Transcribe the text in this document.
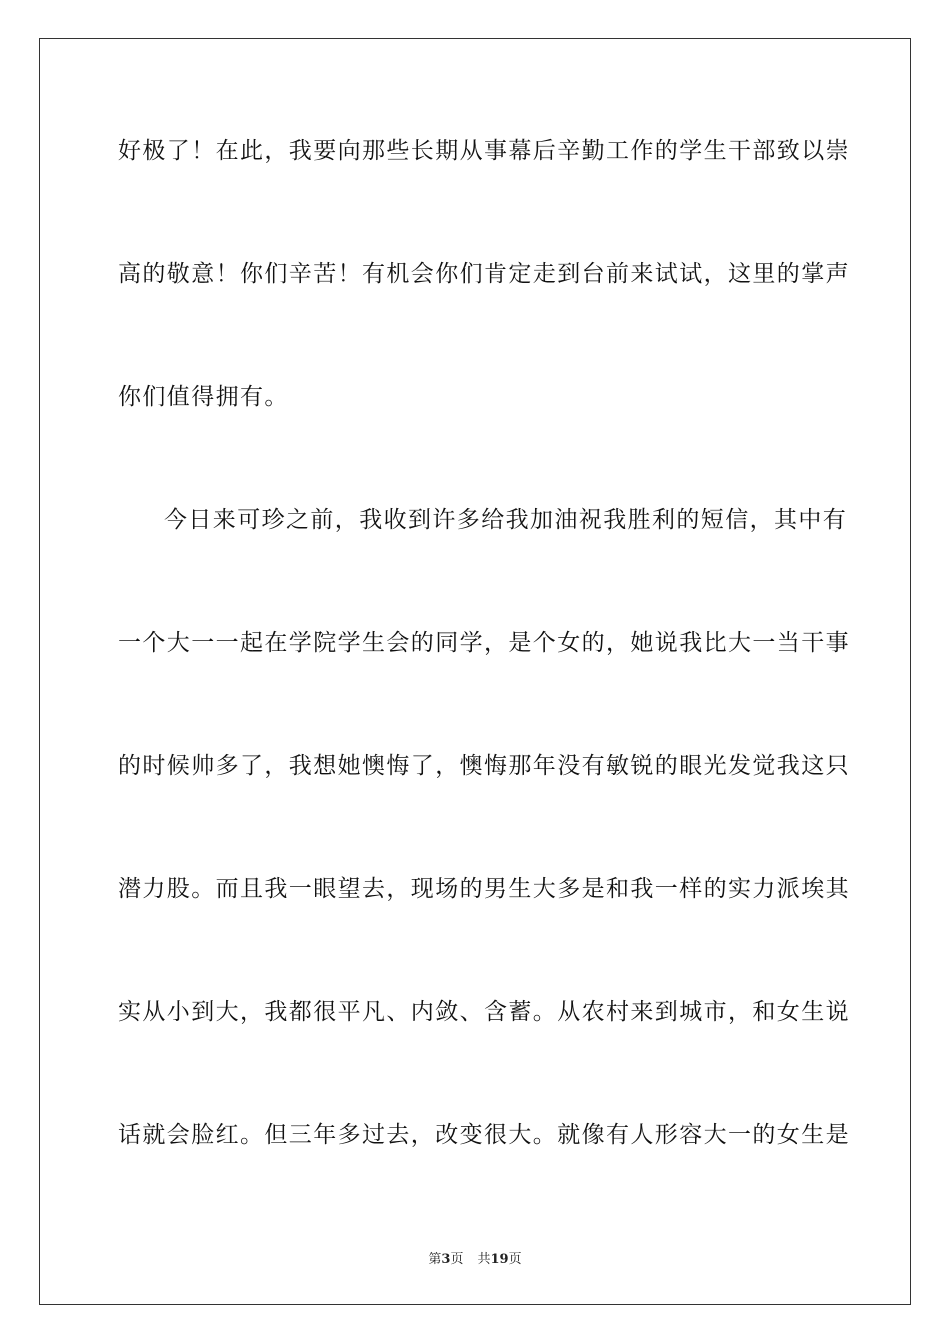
好极了！在此，我要向那些长期从事幕后辛勤工作的学生干部致以崇
高的敬意！你们辛苦！有机会你们肯定走到台前来试试，这里的掌声
你们值得拥有。
今日来可珍之前，我收到许多给我加油祝我胜利的短信，其中有
一个大一一起在学院学生会的同学，是个女的，她说我比大一当干事
的时候帅多了，我想她懊悔了，懊悔那年没有敏锐的眼光发觉我这只
潜力股。而且我一眼望去，现场的男生大多是和我一样的实力派埃其
实从小到大，我都很平凡、内敛、含蓄。从农村来到城市，和女生说
话就会脸红。但三年多过去，改变很大。就像有人形容大一的女生是
第3页 共19页
